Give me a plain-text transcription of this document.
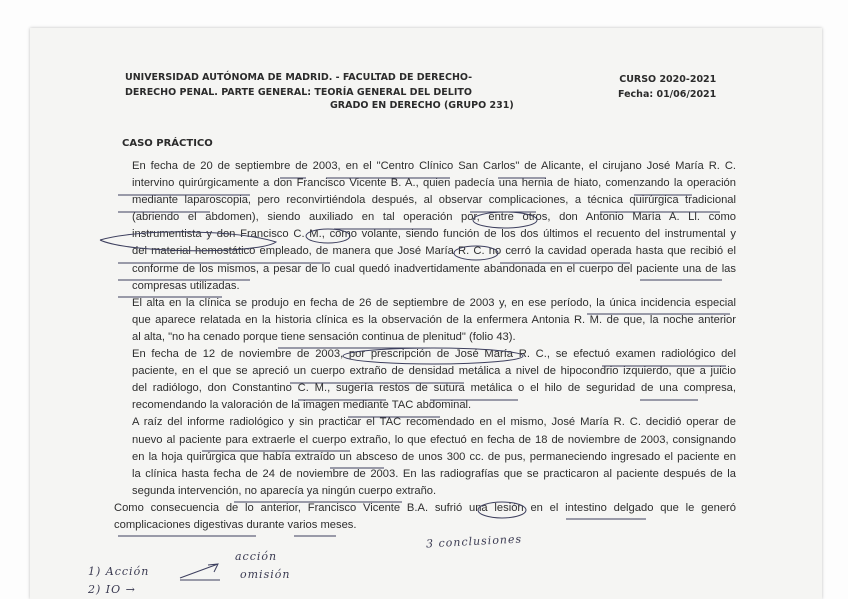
UNIVERSIDAD AUTÓNOMA DE MADRID. - FACULTAD DE DERECHO-
DERECHO PENAL. PARTE GENERAL: TEORÍA GENERAL DEL DELITO
GRADO EN DERECHO (GRUPO 231)
CURSO 2020-2021
Fecha: 01/06/2021
CASO PRÁCTICO

En fecha de 20 de septiembre de 2003, en el "Centro Clínico San Carlos" de Alicante, el cirujano José María R. C.
intervino quirúrgicamente a don Francisco Vicente B. A., quien padecía una hernia de hiato, comenzando la operación
mediante laparoscopia, pero reconvirtiéndola después, al observar complicaciones, a técnica quirúrgica tradicional
(abriendo el abdomen), siendo auxiliado en tal operación por, entre otros, don Antonio María A. Ll. como
instrumentista y don Francisco C. M., como volante, siendo función de los dos últimos el recuento del instrumental y
del material hemostático empleado, de manera que José María R. C. no cerró la cavidad operada hasta que recibió el
conforme de los mismos, a pesar de lo cual quedó inadvertidamente abandonada en el cuerpo del paciente una de las
compresas utilizadas.

El alta en la clínica se produjo en fecha de 26 de septiembre de 2003 y, en ese período, la única incidencia especial
que aparece relatada en la historia clínica es la observación de la enfermera Antonia R. M. de que, la noche anterior
al alta, "no ha cenado porque tiene sensación continua de plenitud" (folio 43).

En fecha de 12 de noviembre de 2003, por prescripción de José María R. C., se efectuó examen radiológico del
paciente, en el que se apreció un cuerpo extraño de densidad metálica a nivel de hipocondrio izquierdo, que a juicio
del radiólogo, don Constantino C. M., sugería restos de sutura metálica o el hilo de seguridad de una compresa,
recomendando la valoración de la imagen mediante TAC abdominal.

A raíz del informe radiológico y sin practicar el TAC recomendado en el mismo, José María R. C. decidió operar de
nuevo al paciente para extraerle el cuerpo extraño, lo que efectuó en fecha de 18 de noviembre de 2003, consignando
en la hoja quirúrgica que había extraído un absceso de unos 300 cc. de pus, permaneciendo ingresado el paciente en
la clínica hasta fecha de 24 de noviembre de 2003. En las radiografías que se practicaron al paciente después de la
segunda intervención, no aparecía ya ningún cuerpo extraño.

Como consecuencia de lo anterior, Francisco Vicente B.A. sufrió una lesión en el intestino delgado que le generó
complicaciones digestivas durante varios meses.

3 conclusiones
1) Acción
acción
omisión
2) IO →
